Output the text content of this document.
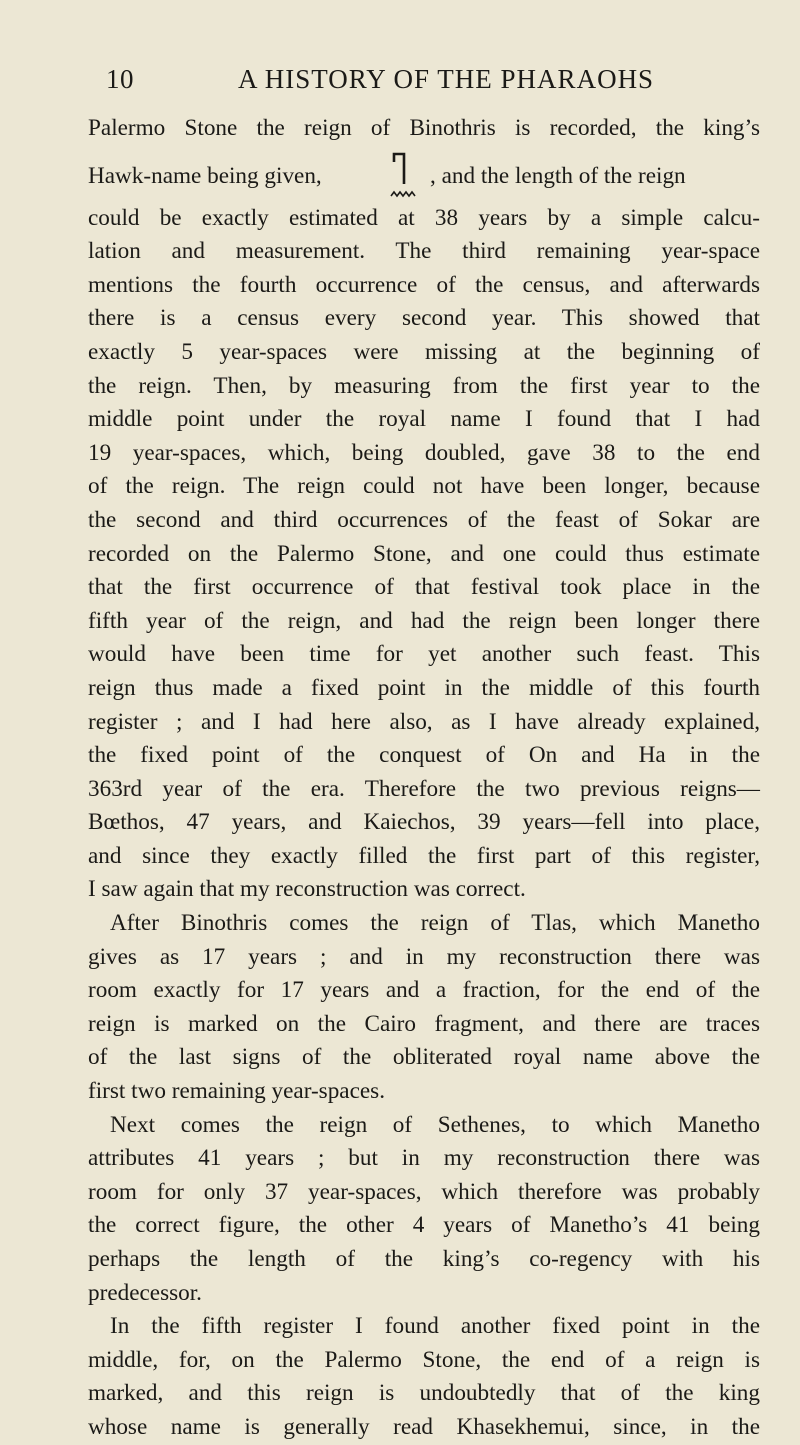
10	A HISTORY OF THE PHARAOHS

Palermo Stone the reign of Binothris is recorded, the king’s
Hawk-name being given,	, and the length of the reign
could be exactly estimated at 38 years by a simple calcu-
lation and measurement. The third remaining year-space
mentions the fourth occurrence of the census, and afterwards
there is a census every second year. This showed that
exactly 5 year-spaces were missing at the beginning of
the reign. Then, by measuring from the first year to the
middle point under the royal name I found that I had
19 year-spaces, which, being doubled, gave 38 to the end
of the reign. The reign could not have been longer, because
the second and third occurrences of the feast of Sokar are
recorded on the Palermo Stone, and one could thus estimate
that the first occurrence of that festival took place in the
fifth year of the reign, and had the reign been longer there
would have been time for yet another such feast. This
reign thus made a fixed point in the middle of this fourth
register ; and I had here also, as I have already explained,
the fixed point of the conquest of On and Ha in the
363rd year of the era. Therefore the two previous reigns—
Bœthos, 47 years, and Kaiechos, 39 years—fell into place,
and since they exactly filled the first part of this register,
I saw again that my reconstruction was correct.

After Binothris comes the reign of Tlas, which Manetho
gives as 17 years ; and in my reconstruction there was
room exactly for 17 years and a fraction, for the end of the
reign is marked on the Cairo fragment, and there are traces
of the last signs of the obliterated royal name above the
first two remaining year-spaces.

Next comes the reign of Sethenes, to which Manetho
attributes 41 years ; but in my reconstruction there was
room for only 37 year-spaces, which therefore was probably
the correct figure, the other 4 years of Manetho’s 41 being
perhaps the length of the king’s co-regency with his
predecessor.

In the fifth register I found another fixed point in the
middle, for, on the Palermo Stone, the end of a reign is
marked, and this reign is undoubtedly that of the king
whose name is generally read Khasekhemui, since, in the
